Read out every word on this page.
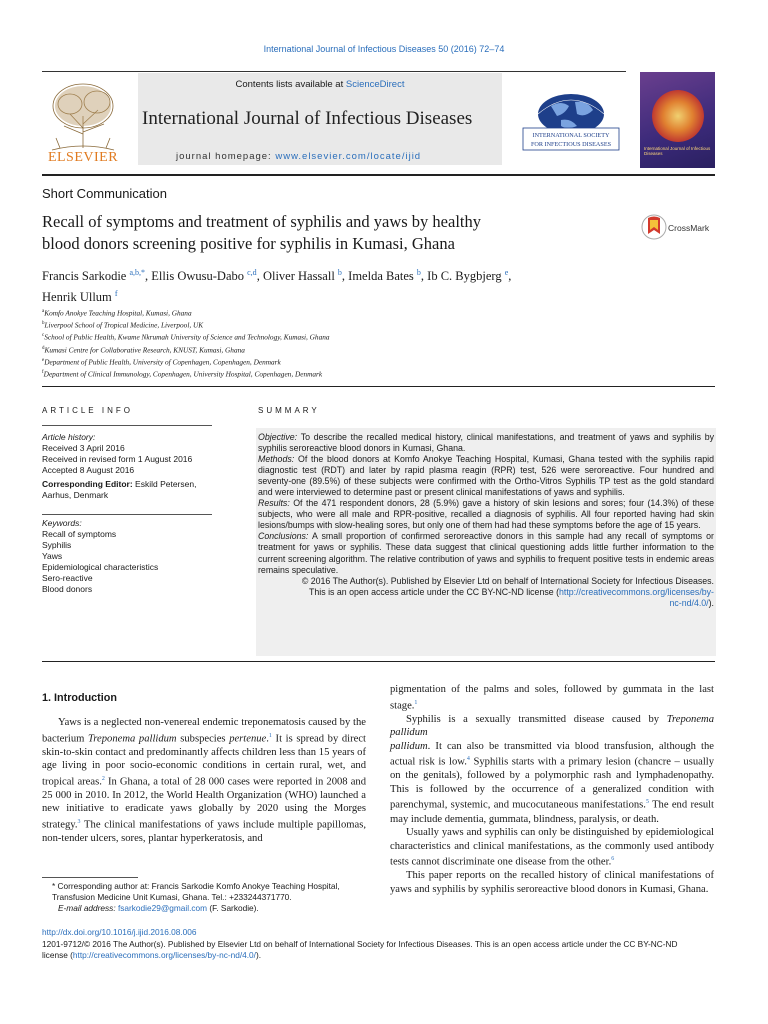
International Journal of Infectious Diseases 50 (2016) 72–74
ELSEVIER
Contents lists available at ScienceDirect
International Journal of Infectious Diseases
journal homepage: www.elsevier.com/locate/ijid
INTERNATIONAL SOCIETY
FOR INFECTIOUS DISEASES
International Journal of Infectious Diseases
Short Communication
Recall of symptoms and treatment of syphilis and yaws by healthy
blood donors screening positive for syphilis in Kumasi, Ghana
CrossMark
Francis Sarkodie $^{a,b,*}$, Ellis Owusu-Dabo $^{c,d}$, Oliver Hassall $^b$, Imelda Bates $^b$, Ib C. Bygbjerg $^e$,
Henrik Ullum $^f$
$^a$Komfo Anokye Teaching Hospital, Kumasi, Ghana
$^b$Liverpool School of Tropical Medicine, Liverpool, UK
$^c$School of Public Health, Kwame Nkrumah University of Science and Technology, Kumasi, Ghana
$^d$Kumasi Centre for Collaborative Research, KNUST, Kumasi, Ghana
$^e$Department of Public Health, University of Copenhagen, Copenhagen, Denmark
$^f$Department of Clinical Immunology, Copenhagen, University Hospital, Copenhagen, Denmark
ARTICLE INFO
Article history:
Received 3 April 2016
Received in revised form 1 August 2016
Accepted 8 August 2016
Corresponding Editor: Eskild Petersen,
Aarhus, Denmark
Keywords:
Recall of symptoms
Syphilis
Yaws
Epidemiological characteristics
Sero-reactive
Blood donors
SUMMARY

Objective: To describe the recalled medical history, clinical manifestations, and treatment of yaws and syphilis by syphilis seroreactive blood donors in Kumasi, Ghana.

Methods: Of the blood donors at Komfo Anokye Teaching Hospital, Kumasi, Ghana tested with the syphilis rapid diagnostic test (RDT) and later by rapid plasma reagin (RPR) test, 526 were seroreactive. Four hundred and seventy-one (89.5%) of these subjects were confirmed with the Ortho-Vitros Syphilis TP test as the gold standard and were interviewed to determine past or present clinical manifestations of yaws and syphilis.

Results: Of the 471 respondent donors, 28 (5.9%) gave a history of skin lesions and sores; four (14.3%) of these subjects, who were all male and RPR-positive, recalled a diagnosis of syphilis. All four reported having had skin lesions/bumps with slow-healing sores, but only one of them had had these symptoms before the age of 15 years.

Conclusions: A small proportion of confirmed seroreactive donors in this sample had any recall of symptoms or treatment for yaws or syphilis. These data suggest that clinical questioning adds little further information to the current screening algorithm. The relative contribution of yaws and syphilis to frequent positive tests in endemic areas remains speculative.

© 2016 The Author(s). Published by Elsevier Ltd on behalf of International Society for Infectious Diseases.

This is an open access article under the CC BY-NC-ND license (http://creativecommons.org/licenses/by-
nc-nd/4.0/).

1. Introduction

Yaws is a neglected non-venereal endemic treponematosis caused by the bacterium Treponema pallidum subspecies pertenue.$^1$ It is spread by direct skin-to-skin contact and predominantly affects children less than 15 years of age living in poor socio-economic conditions in certain rural, wet, and tropical areas.$^2$ In Ghana, a total of 28 000 cases were reported in 2008 and 25 000 in 2010. In 2012, the World Health Organization (WHO) launched a new initiative to eradicate yaws globally by 2020 using the Morges strategy.$^3$ The clinical manifestations of yaws include multiple papillomas, non-tender ulcers, sores, plantar hyperkeratosis, and

pigmentation of the palms and soles, followed by gummata in the last stage.$^1$

Syphilis is a sexually transmitted disease caused by Treponema pallidum
pallidum. It can also be transmitted via blood transfusion, although the actual risk is low.$^4$ Syphilis starts with a primary lesion (chancre – usually on the genitals), followed by a polymorphic rash and lymphadenopathy. This is followed by the occurrence of a generalized condition with parenchymal, systemic, and mucocutaneous manifestations.$^5$ The end result may include dementia, gummata, blindness, paralysis, or death.

Usually yaws and syphilis can only be distinguished by epidemiological characteristics and clinical manifestations, as the commonly used antibody tests cannot discriminate one disease from the other.$^6$

This paper reports on the recalled history of clinical manifestations of yaws and syphilis by syphilis seroreactive blood donors in Kumasi, Ghana.

* Corresponding author at: Francis Sarkodie Komfo Anokye Teaching Hospital, Transfusion Medicine Unit Kumasi, Ghana. Tel.: +233244371770.
E-mail address: fsarkodie29@gmail.com (F. Sarkodie).
http://dx.doi.org/10.1016/j.ijid.2016.08.006
1201-9712/© 2016 The Author(s). Published by Elsevier Ltd on behalf of International Society for Infectious Diseases. This is an open access article under the CC BY-NC-ND
license (http://creativecommons.org/licenses/by-nc-nd/4.0/).
